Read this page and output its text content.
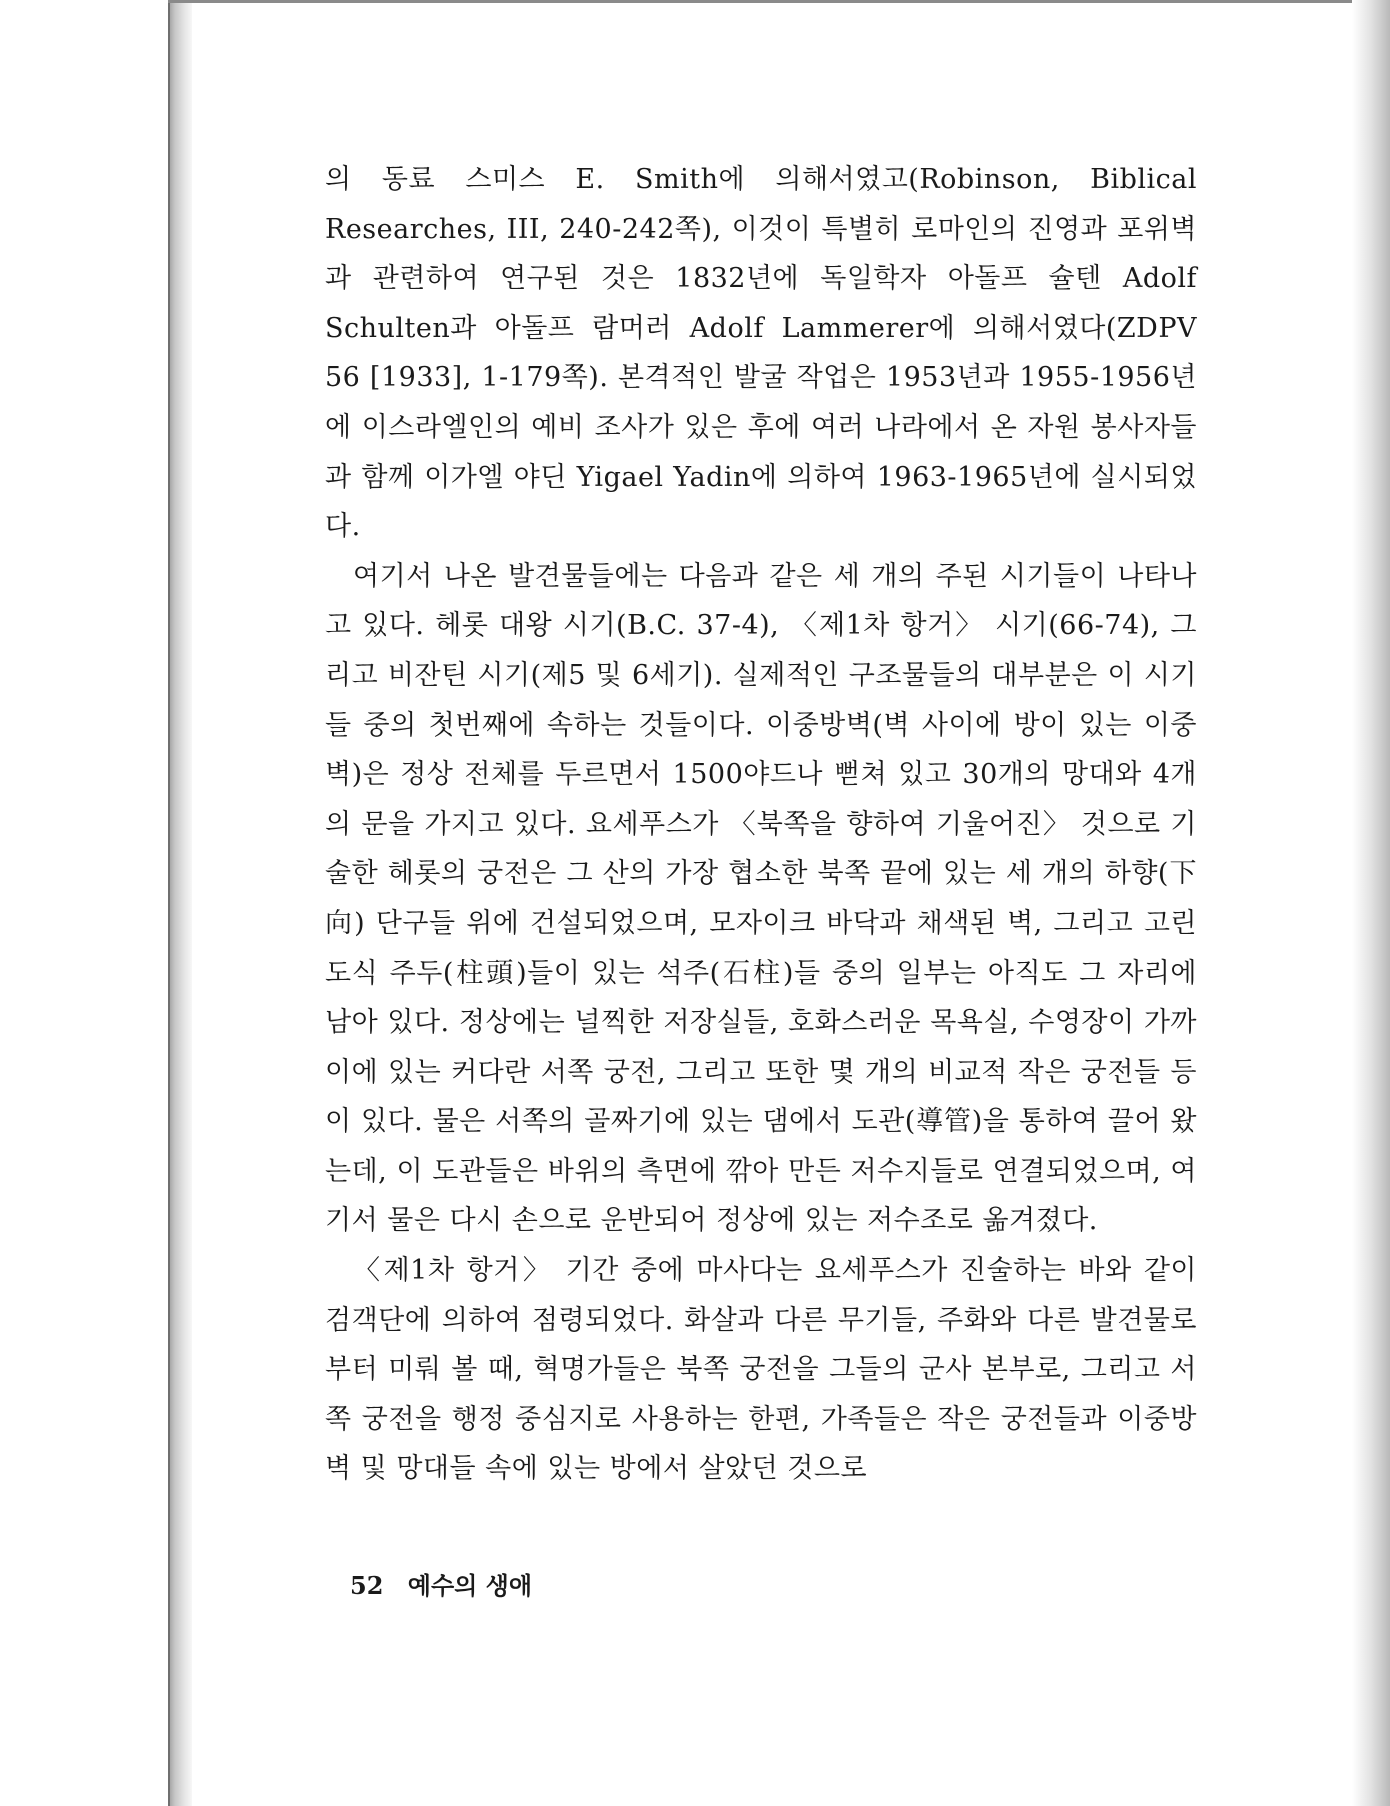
의 동료 스미스 E. Smith에 의해서였고(Robinson, Biblical Researches, III, 240-242쪽), 이것이 특별히 로마인의 진영과 포위벽과 관련하여 연구된 것은 1832년에 독일학자 아돌프 슐텐 Adolf Schulten과 아돌프 람머러 Adolf Lammerer에 의해서였다(ZDPV 56 [1933], 1-179쪽). 본격적인 발굴 작업은 1953년과 1955-1956년에 이스라엘인의 예비 조사가 있은 후에 여러 나라에서 온 자원 봉사자들과 함께 이가엘 야딘 Yigael Yadin에 의하여 1963-1965년에 실시되었다.

여기서 나온 발견물들에는 다음과 같은 세 개의 주된 시기들이 나타나고 있다. 헤롯 대왕 시기(B.C. 37-4), 〈제1차 항거〉 시기(66-74), 그리고 비잔틴 시기(제5 및 6세기). 실제적인 구조물들의 대부분은 이 시기들 중의 첫번째에 속하는 것들이다. 이중방벽(벽 사이에 방이 있는 이중 벽)은 정상 전체를 두르면서 1500야드나 뻗쳐 있고 30개의 망대와 4개의 문을 가지고 있다. 요세푸스가 〈북쪽을 향하여 기울어진〉 것으로 기술한 헤롯의 궁전은 그 산의 가장 협소한 북쪽 끝에 있는 세 개의 하향(下向) 단구들 위에 건설되었으며, 모자이크 바닥과 채색된 벽, 그리고 고린도식 주두(柱頭)들이 있는 석주(石柱)들 중의 일부는 아직도 그 자리에 남아 있다. 정상에는 널찍한 저장실들, 호화스러운 목욕실, 수영장이 가까이에 있는 커다란 서쪽 궁전, 그리고 또한 몇 개의 비교적 작은 궁전들 등이 있다. 물은 서쪽의 골짜기에 있는 댐에서 도관(導管)을 통하여 끌어 왔는데, 이 도관들은 바위의 측면에 깎아 만든 저수지들로 연결되었으며, 여기서 물은 다시 손으로 운반되어 정상에 있는 저수조로 옮겨졌다.

〈제1차 항거〉 기간 중에 마사다는 요세푸스가 진술하는 바와 같이 검객단에 의하여 점령되었다. 화살과 다른 무기들, 주화와 다른 발견물로부터 미뤄 볼 때, 혁명가들은 북쪽 궁전을 그들의 군사 본부로, 그리고 서쪽 궁전을 행정 중심지로 사용하는 한편, 가족들은 작은 궁전들과 이중방벽 및 망대들 속에 있는 방에서 살았던 것으로

52 예수의 생애
